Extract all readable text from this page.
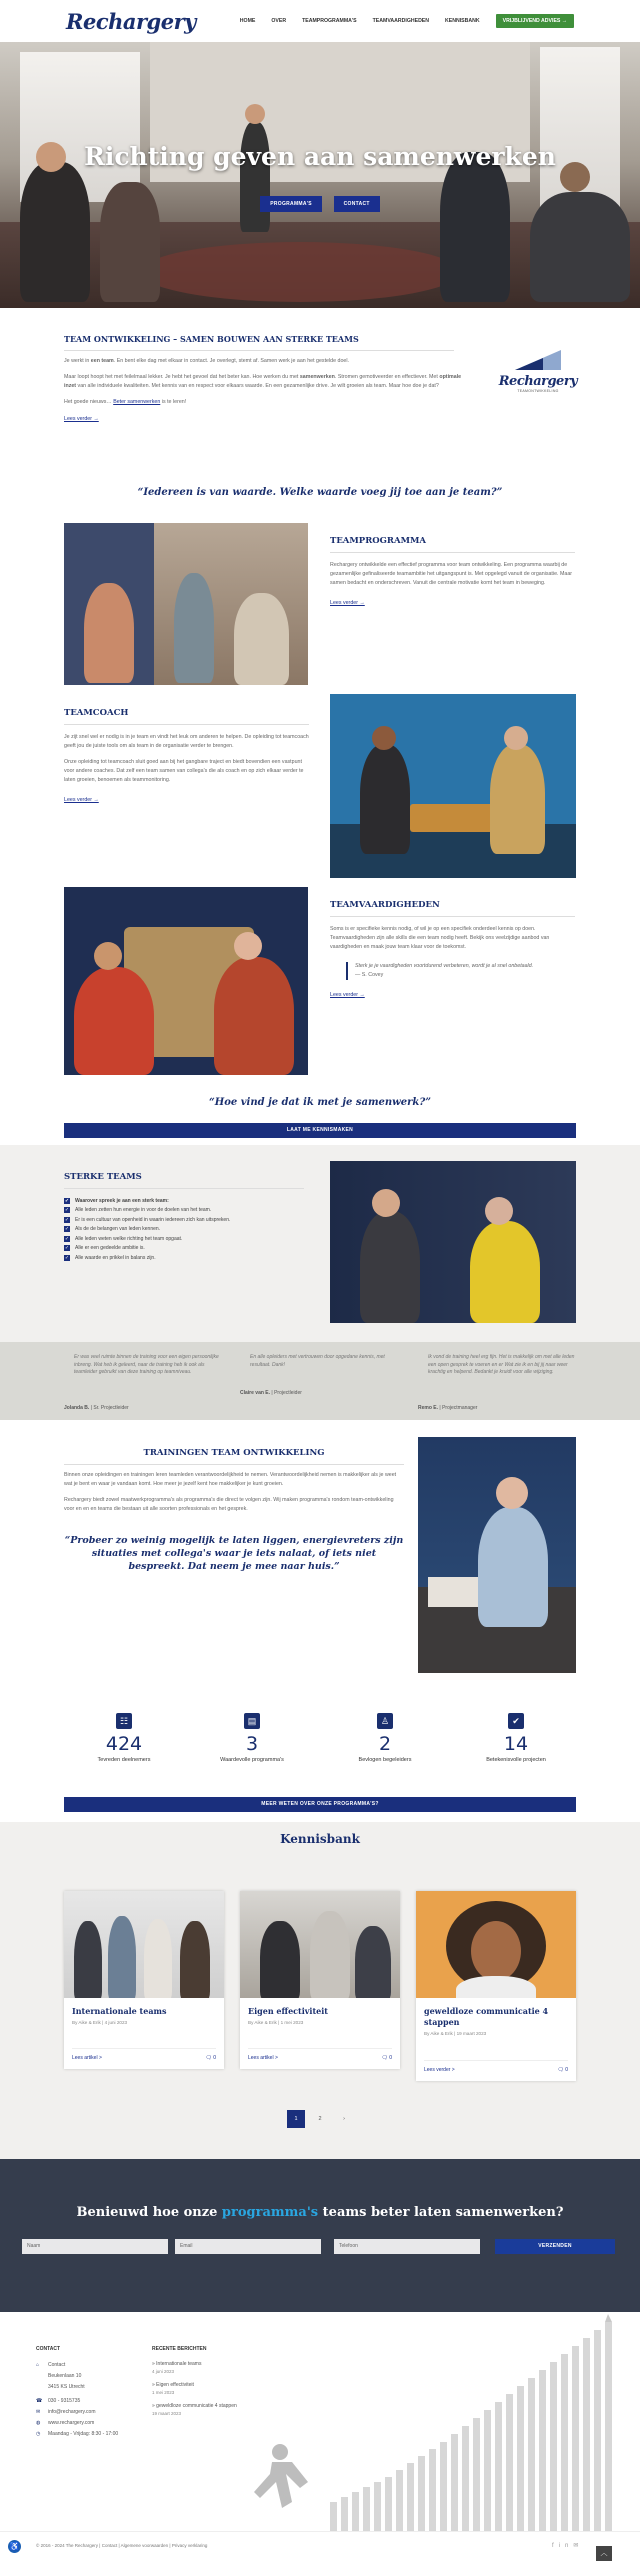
Rechargery	HOME	OVER	TEAMPROGRAMMA'S	TEAMVAARDIGHEDEN	KENNISBANK	VRIJBLIJVEND ADVIES →
Richting geven aan samenwerken
PROGRAMMA'S	CONTACT
TEAM ONTWIKKELING – SAMEN BOUWEN AAN STERKE TEAMS

Je werkt in een team. En bent elke dag met elkaar in contact. Je overlegt, stemt af. Samen werk je aan het gestelde doel.

Maar loopt hoopt het met feilelmaal lekker. Je hebt het gevoel dat het beter kan. Hoe werken du met samenwerken. Stromen gemotiveerder en effectiever. Met optimale inzet van alle individuele kwaliteiten. Met kennis van en respect voor elkaars waarde. En een gezamenlijke drive. Je wilt groeien als team. Maar hoe doe je dat?

Het goede nieuws… Beter samenwerken is te leren!

Lees verder →
Rechargery
TEAMONTWIKKELING
“Iedereen is van waarde. Welke waarde voeg jij toe aan je team?”
TEAMPROGRAMMA

Rechargery ontwikkelde een effectief programma voor team ontwikkeling. Een programma waarbij de gezamenlijke gefinaliseerde teamambitie het uitgangspunt is. Met opgelegd vanuit de organisatie. Maar samen bedacht en onderschreven. Vanuit die centrale motivatie komt het team in beweging.

Lees verder →
TEAMCOACH

Je zijt snel wel er nodig is in je team en vindt het leuk om anderen te helpen. De opleiding tot teamcoach geeft jou de juiste tools om als team in de organisatie verder te brengen.

Onze opleiding tot teamcoach sluit goed aan bij het gangbare traject en biedt bovendien een vastpunt voor andere coaches. Dat zelf een team samen van collega's die als coach en op zich elkaar verder te laten groeien, benoemen als teammonitoring.

Lees verder →
TEAMVAARDIGHEDEN

Soms is er specifieke kennis nodig, of wil je op een specifiek onderdeel kennis op doen. Teamvaardigheden zijn alle skills die een team nodig heeft. Bekijk ons veelzijdige aanbod van vaardigheden en maak jouw team klaar voor de toekomst.

Sterk je je vaardigheden voortdurend verbeteren, wordt je al snel onbetaald.

— S. Covey

Lees verder →
“Hoe vind je dat ik met je samenwerk?”
LAAT ME KENNISMAKEN
STERKE TEAMS
✓ Waarover spreek je aan een sterk team:
✓ Alle leden zetten hun energie in voor de doelen van het team.
✓ Er is een cultuur van openheid in waarin iedereen zich kan uitspreken.
✓ Als de de belangen van leden kennen.
✓ Alle leden weten welke richting het team opgaat.
✓ Alle er een gedeelde ambitie is.
✓ Alle waarde en prikkel in balans zijn.
Er was veel ruimte binnen de training voor een eigen persoonlijke inbreng. Wat heb ik geleerd, naar de training heb ik ook als teamleider gebruikt van deze training op teamniveau.
Jolanda B. | Sr. Projectleider
En alle opleiders met vertrouwen door opgedane kennis, met resultaat. Dank!
Claire van E. | Projectleider
Ik vond de training heel erg fijn. Het is makkelijk om met alle leden een open gesprek te voeren en er Wat zie ik en bij jij naar weer krachtig en helpend. Bedankt je kruidt voor alle wijziging.
Remo E. | Projectmanager
TRAININGEN TEAM ONTWIKKELING

Binnen onze opleidingen en trainingen leren teamleden verantwoordelijkheid te nemen. Verantwoordelijkheid nemen is makkelijker als je weet wat je bent en waar je vandaan komt. Hoe meer je jezelf kent hoe makkelijker je kunt groeien.

Rechargery biedt zowel maatwerkprogramma's als programma's die direct te volgen zijn. Wij maken programma's rondom team-ontwikkeling voor en en en teams die bestaan uit alle soorten professionals en het gesprek.

“Probeer zo weinig mogelijk te laten liggen, energievreters zijn situaties met collega's waar je iets nalaat, of iets niet bespreekt. Dat neem je mee naar huis.”

☷
424
Tevreden deelnemers
▤
3
Waardevolle programma's
♙
2
Bevlogen begeleiders
✔
14
Betekenisvolle projecten
MEER WETEN OVER ONZE PROGRAMMA'S?
Kennisbank
Internationale teams
By Aike & Erik | 4 juni 2023
Lees artikel >	🗨 0
Eigen effectiviteit
By Aike & Erik | 1 mei 2023
Lees artikel >	🗨 0
geweldloze communicatie 4 stappen
By Aike & Erik | 19 maart 2023
Lees verder >	🗨 0
1	2	›
Benieuwd hoe onze programma's teams beter laten samenwerken?
Naam	Email	Telefoon	VERZENDEN
CONTACT
⌂ Contact
Beukenlaan 10
3415 KS Utrecht
☎ 030 - 9315735
✉ info@rechargery.com
◍ www.rechargery.com
◷ Maandag - Vrijdag: 8:30 - 17:00
RECENTE BERICHTEN
» Internationale teams
4 juni 2023
» Eigen effectiviteit
1 mei 2023
» geweldloze communicatie 4 stappen
19 maart 2023
♿	© 2016 - 2024 The Rechargery | Contact | Algemene voorwaarden | Privacy verklaring	fin✉
︿
